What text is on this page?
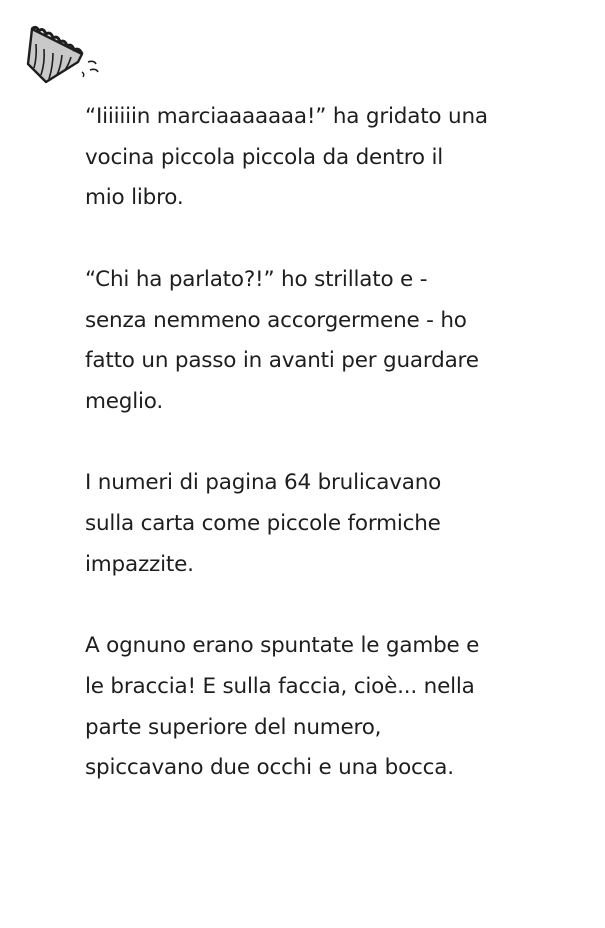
“Iiiiiiin marciaaaaaaa!” ha gridato una
vocina piccola piccola da dentro il
mio libro.

“Chi ha parlato?!” ho strillato e -
senza nemmeno accorgermene - ho
fatto un passo in avanti per guardare
meglio.

I numeri di pagina 64 brulicavano
sulla carta come piccole formiche
impazzite.

A ognuno erano spuntate le gambe e
le braccia! E sulla faccia, cioè... nella
parte superiore del numero,
spiccavano due occhi e una bocca.
